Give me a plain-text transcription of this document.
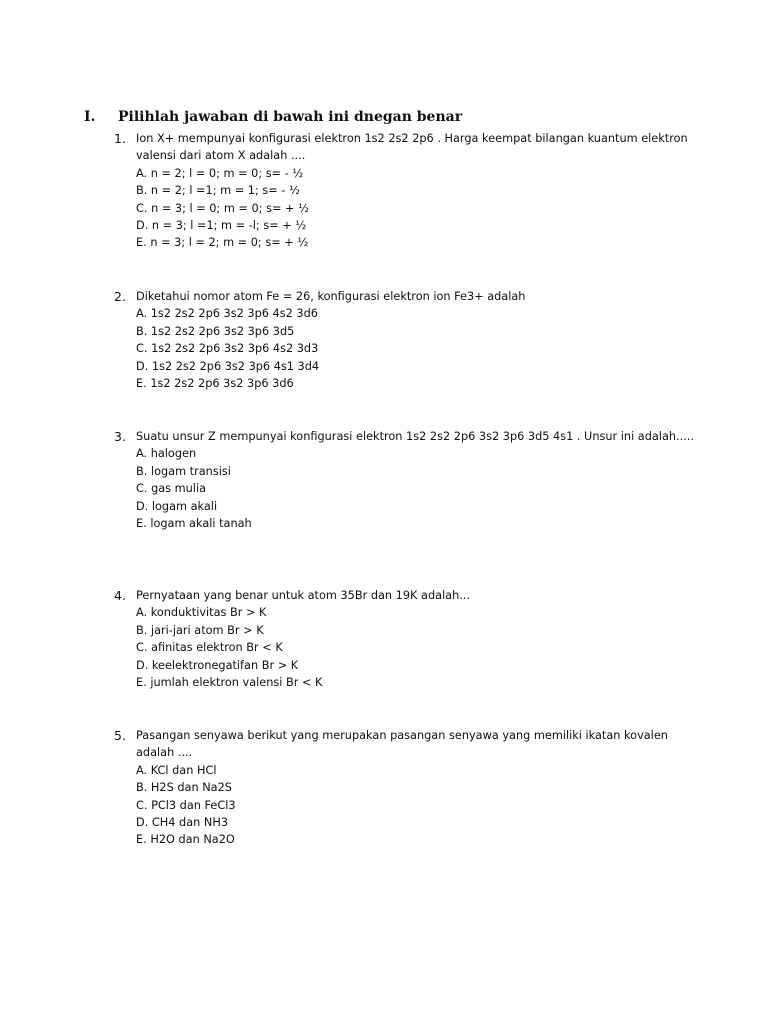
I.	Pilihlah jawaban di bawah ini dnegan benar
1. Ion X+ mempunyai konfigurasi elektron 1s2 2s2 2p6 . Harga keempat bilangan kuantum elektron valensi dari atom X adalah ....
A. n = 2; l = 0; m = 0; s= - ½
B. n = 2; l =1; m = 1; s= - ½
C. n = 3; l = 0; m = 0; s= + ½
D. n = 3; l =1; m = -l; s= + ½
E. n = 3; l = 2; m = 0; s= + ½
2. Diketahui nomor atom Fe = 26, konfigurasi elektron ion Fe3+ adalah
A. 1s2 2s2 2p6 3s2 3p6 4s2 3d6
B. 1s2 2s2 2p6 3s2 3p6 3d5
C. 1s2 2s2 2p6 3s2 3p6 4s2 3d3
D. 1s2 2s2 2p6 3s2 3p6 4s1 3d4
E. 1s2 2s2 2p6 3s2 3p6 3d6
3. Suatu unsur Z mempunyai konfigurasi elektron 1s2 2s2 2p6 3s2 3p6 3d5 4s1 . Unsur ini adalah.....
A. halogen
B. logam transisi
C. gas mulia
D. logam akali
E. logam akali tanah
4. Pernyataan yang benar untuk atom 35Br dan 19K adalah...
A. konduktivitas Br > K
B. jari-jari atom Br > K
C. afinitas elektron Br < K
D. keelektronegatifan Br > K
E. jumlah elektron valensi Br < K
5. Pasangan senyawa berikut yang merupakan pasangan senyawa yang memiliki ikatan kovalen adalah ....
A. KCl dan HCl
B. H2S dan Na2S
C. PCl3 dan FeCl3
D. CH4 dan NH3
E. H2O dan Na2O
